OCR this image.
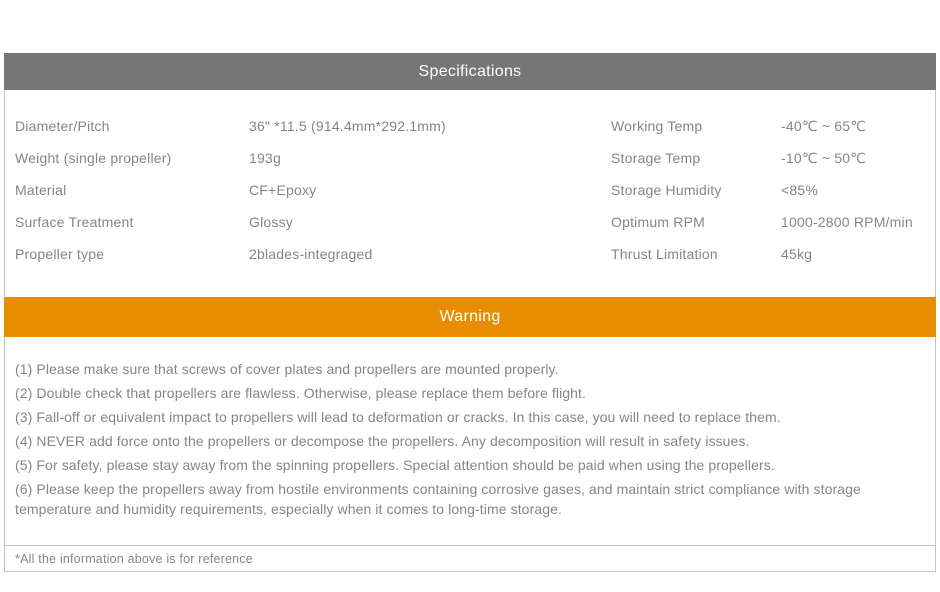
Specifications
Diameter/Pitch	36" *11.5 (914.4mm*292.1mm)	Working Temp	-40℃ ~ 65℃
Weight (single propeller)	193g	Storage Temp	-10℃ ~ 50℃
Material	CF+Epoxy	Storage Humidity	<85%
Surface Treatment	Glossy	Optimum RPM	1000-2800 RPM/min
Propeller type	2blades-integraged	Thrust Limitation	45kg
Warning
(1) Please make sure that screws of cover plates and propellers are mounted properly.
(2) Double check that propellers are flawless. Otherwise, please replace them before flight.
(3) Fall-off or equivalent impact to propellers will lead to deformation or cracks. In this case, you will need to replace them.
(4) NEVER add force onto the propellers or decompose the propellers. Any decomposition will result in safety issues.
(5) For safety, please stay away from the spinning propellers. Special attention should be paid when using the propellers.
(6) Please keep the propellers away from hostile environments containing corrosive gases, and maintain strict compliance with storage temperature and humidity requirements, especially when it comes to long-time storage.
*All the information above is for reference
